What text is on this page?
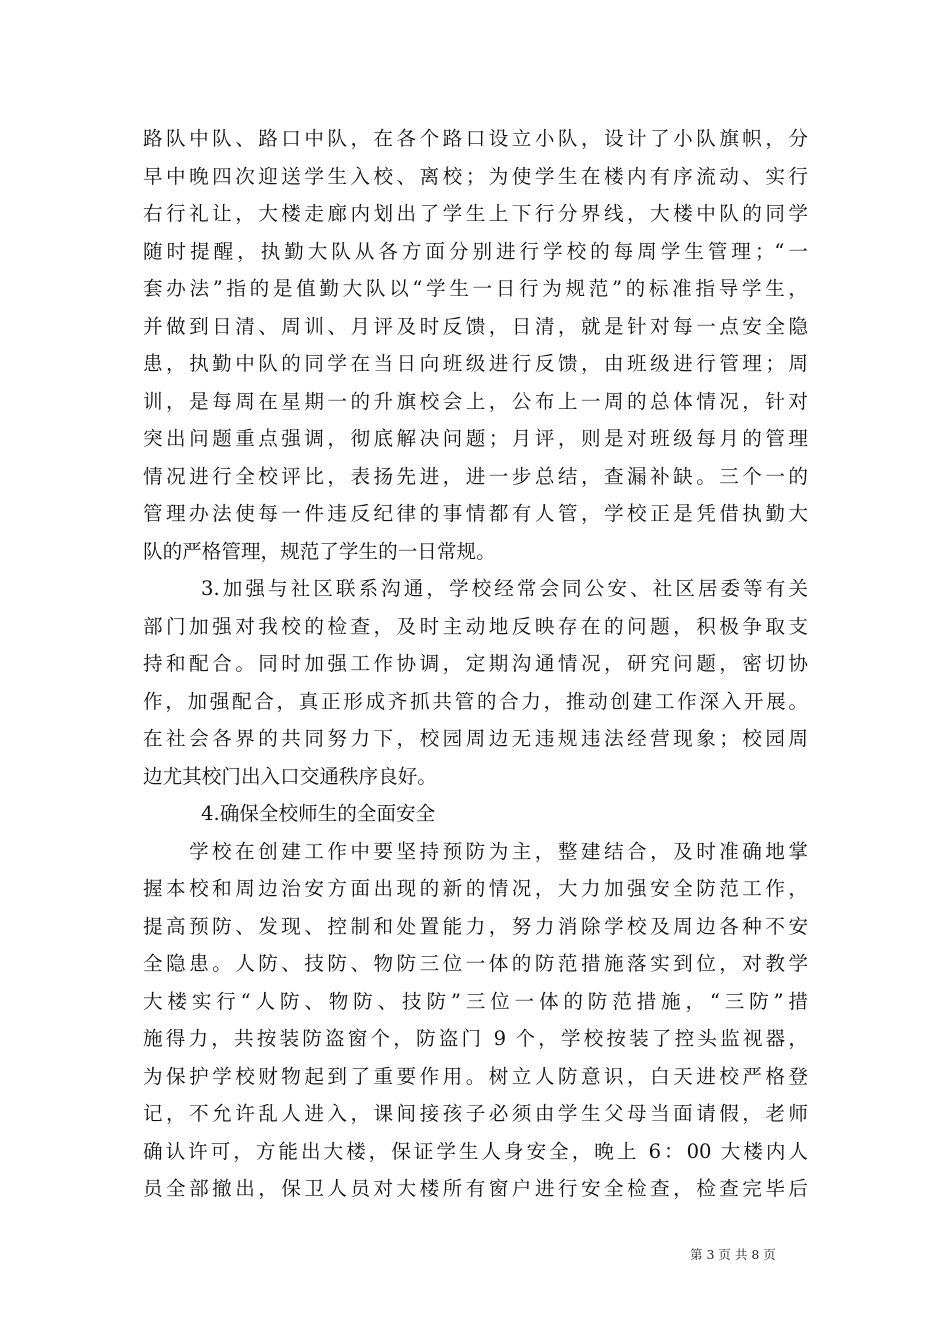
路队中队、路口中队，在各个路口设立小队，设计了小队旗帜，分
早中晚四次迎送学生入校、离校；为使学生在楼内有序流动、实行
右行礼让，大楼走廊内划出了学生上下行分界线，大楼中队的同学
随时提醒，执勤大队从各方面分别进行学校的每周学生管理；“一
套办法”指的是值勤大队以“学生一日行为规范”的标准指导学生，
并做到日清、周训、月评及时反馈，日清，就是针对每一点安全隐
患，执勤中队的同学在当日向班级进行反馈，由班级进行管理；周
训，是每周在星期一的升旗校会上，公布上一周的总体情况，针对
突出问题重点强调，彻底解决问题；月评，则是对班级每月的管理
情况进行全校评比，表扬先进，进一步总结，查漏补缺。三个一的
管理办法使每一件违反纪律的事情都有人管，学校正是凭借执勤大
队的严格管理，规范了学生的一日常规。
3.加强与社区联系沟通，学校经常会同公安、社区居委等有关
部门加强对我校的检查，及时主动地反映存在的问题，积极争取支
持和配合。同时加强工作协调，定期沟通情况，研究问题，密切协
作，加强配合，真正形成齐抓共管的合力，推动创建工作深入开展。
在社会各界的共同努力下，校园周边无违规违法经营现象；校园周
边尤其校门出入口交通秩序良好。
4.确保全校师生的全面安全
学校在创建工作中要坚持预防为主，整建结合，及时准确地掌
握本校和周边治安方面出现的新的情况，大力加强安全防范工作，
提高预防、发现、控制和处置能力，努力消除学校及周边各种不安
全隐患。人防、技防、物防三位一体的防范措施落实到位，对教学
大楼实行“人防、物防、技防”三位一体的防范措施，“三防”措
施得力，共按装防盗窗个，防盗门 9 个，学校按装了控头监视器，
为保护学校财物起到了重要作用。树立人防意识，白天进校严格登
记，不允许乱人进入，课间接孩子必须由学生父母当面请假，老师
确认许可，方能出大楼，保证学生人身安全，晚上 6：00 大楼内人
员全部撤出，保卫人员对大楼所有窗户进行安全检查，检查完毕后
第 3 页 共 8 页
